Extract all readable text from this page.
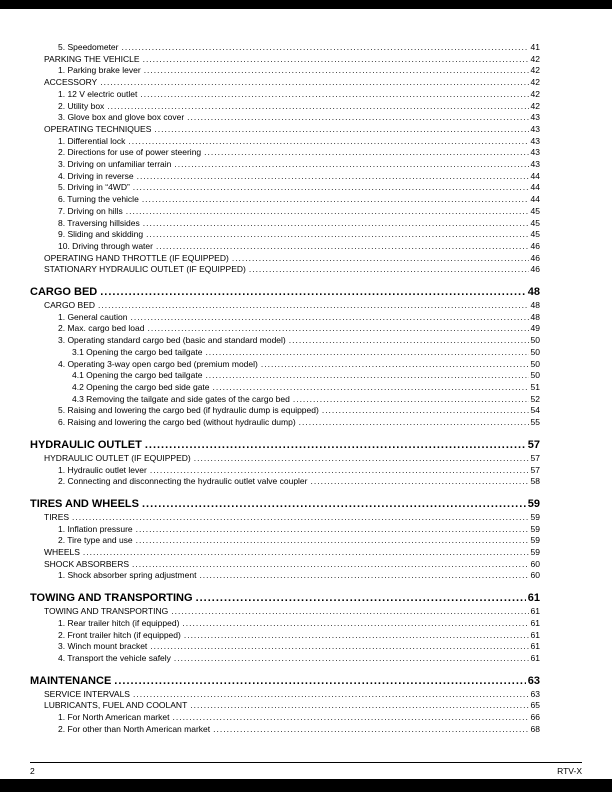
5. Speedometer .....	41
PARKING THE VEHICLE .....	42
1. Parking brake lever .....	42
ACCESSORY .....	42
1. 12 V electric outlet .....	42
2. Utility box .....	42
3. Glove box and glove box cover .....	43
OPERATING TECHNIQUES .....	43
1. Differential lock .....	43
2. Directions for use of power steering .....	43
3. Driving on unfamiliar terrain .....	43
4. Driving in reverse .....	44
5. Driving in “4WD” .....	44
6. Turning the vehicle .....	44
7. Driving on hills .....	45
8. Traversing hillsides .....	45
9. Sliding and skidding .....	45
10. Driving through water .....	46
OPERATING HAND THROTTLE (IF EQUIPPED) .....	46
STATIONARY HYDRAULIC OUTLET (IF EQUIPPED) .....	46
CARGO BED .....	48
CARGO BED .....	48
1. General caution .....	48
2. Max. cargo bed load .....	49
3. Operating standard cargo bed (basic and standard model) .....	50
3.1 Opening the cargo bed tailgate .....	50
4. Operating 3-way open cargo bed (premium model) .....	50
4.1 Opening the cargo bed tailgate .....	50
4.2 Opening the cargo bed side gate .....	51
4.3 Removing the tailgate and side gates of the cargo bed .....	52
5. Raising and lowering the cargo bed (if hydraulic dump is equipped) .....	54
6. Raising and lowering the cargo bed (without hydraulic dump) .....	55
HYDRAULIC OUTLET .....	57
HYDRAULIC OUTLET (IF EQUIPPED) .....	57
1. Hydraulic outlet lever .....	57
2. Connecting and disconnecting the hydraulic outlet valve coupler .....	58
TIRES AND WHEELS .....	59
TIRES .....	59
1. Inflation pressure .....	59
2. Tire type and use .....	59
WHEELS .....	59
SHOCK ABSORBERS .....	60
1. Shock absorber spring adjustment .....	60
TOWING AND TRANSPORTING .....	61
TOWING AND TRANSPORTING .....	61
1. Rear trailer hitch (if equipped) .....	61
2. Front trailer hitch (if equipped) .....	61
3. Winch mount bracket .....	61
4. Transport the vehicle safely .....	61
MAINTENANCE .....	63
SERVICE INTERVALS .....	63
LUBRICANTS, FUEL AND COOLANT .....	65
1. For North American market .....	66
2. For other than North American market .....	68
2	RTV-X
